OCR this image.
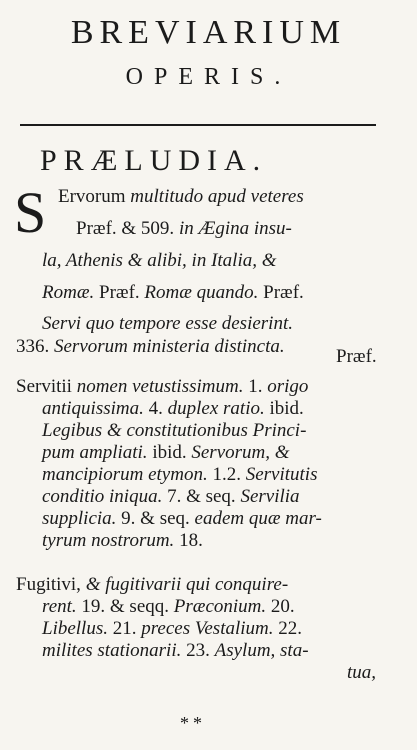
BREVIARIUM
OPERIS.
PRÆLUDIA.
S Ervorum multitudo apud veteres
Præf. & 509. in Ægina insu-
la, Athenis & alibi, in Italia, &
Romæ. Præf. Romæ quando. Præf.
Servi quo tempore esse desierint.
336. Servorum ministeria distincta.	Præf.
Servitii nomen vetustissimum. 1. origo
antiquissima. 4. duplex ratio. ibid.
Legibus & constitutionibus Princi-
pum ampliati. ibid. Servorum, &
mancipiorum etymon. 1.2. Servitutis
conditio iniqua. 7. & seq. Servilia
supplicia. 9. & seq. eadem quæ mar-
tyrum nostrorum. 18.
Fugitivi, & fugitivarii qui conquire-
rent. 19. & seqq. Præconium. 20.
Libellus. 21. preces Vestalium. 22.
milites stationarii. 23. Asylum, sta-
tua,
**
